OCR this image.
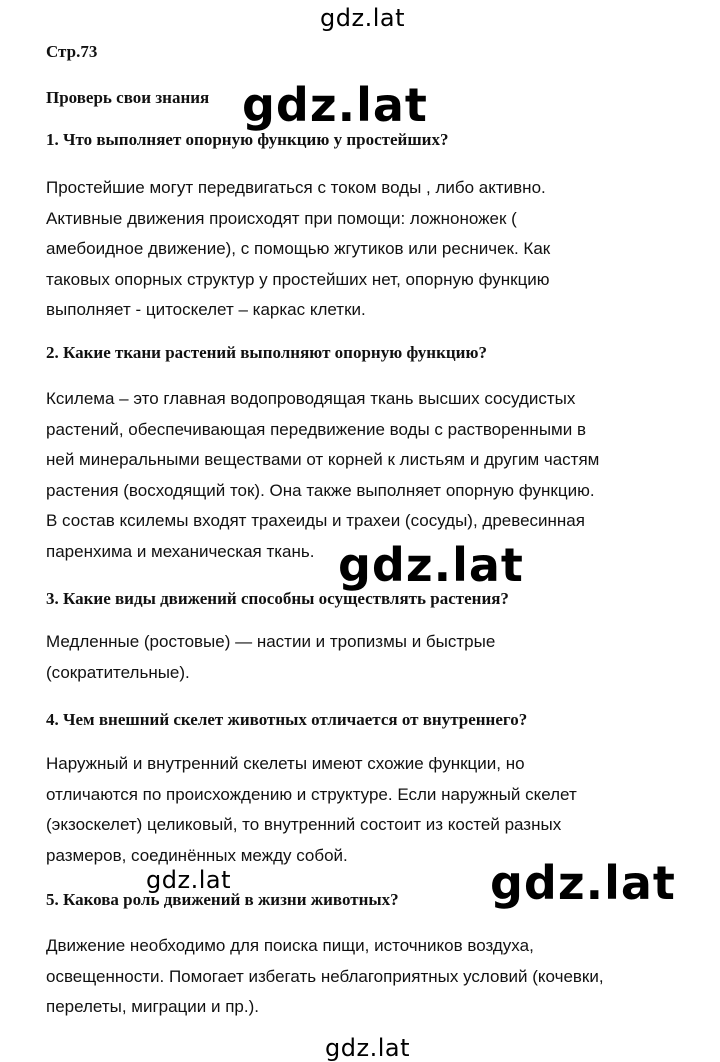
gdz.lat
Стр.73
Проверь свои знания gdz.lat
1. Что выполняет опорную функцию у простейших?
Простейшие могут передвигаться с током воды , либо активно.
Активные движения происходят при помощи: ложноножек (
амебоидное движение), с помощью жгутиков или ресничек. Как
таковых опорных структур у простейших нет, опорную функцию
выполняет - цитоскелет – каркас клетки.
2. Какие ткани растений выполняют опорную функцию?
Ксилема – это главная водопроводящая ткань высших сосудистых
растений, обеспечивающая передвижение воды с растворенными в
ней минеральными веществами от корней к листьям и другим частям
растения (восходящий ток). Она также выполняет опорную функцию.
В состав ксилемы входят трахеиды и трахеи (сосуды), древесинная
паренхима и механическая ткань. gdz.lat
3. Какие виды движений способны осуществлять растения?
Медленные (ростовые) — настии и тропизмы и быстрые
(сократительные).
4. Чем внешний скелет животных отличается от внутреннего?
Наружный и внутренний скелеты имеют схожие функции, но
отличаются по происхождению и структуре. Если наружный скелет
(экзоскелет) целиковый, то внутренний состоит из костей разных
размеров, соединённых между собой.
gdz.lat	gdz.lat
5. Какова роль движений в жизни животных?
Движение необходимо для поиска пищи, источников воздуха,
освещенности. Помогает избегать неблагоприятных условий (кочевки,
перелеты, миграции и пр.).
gdz.lat
